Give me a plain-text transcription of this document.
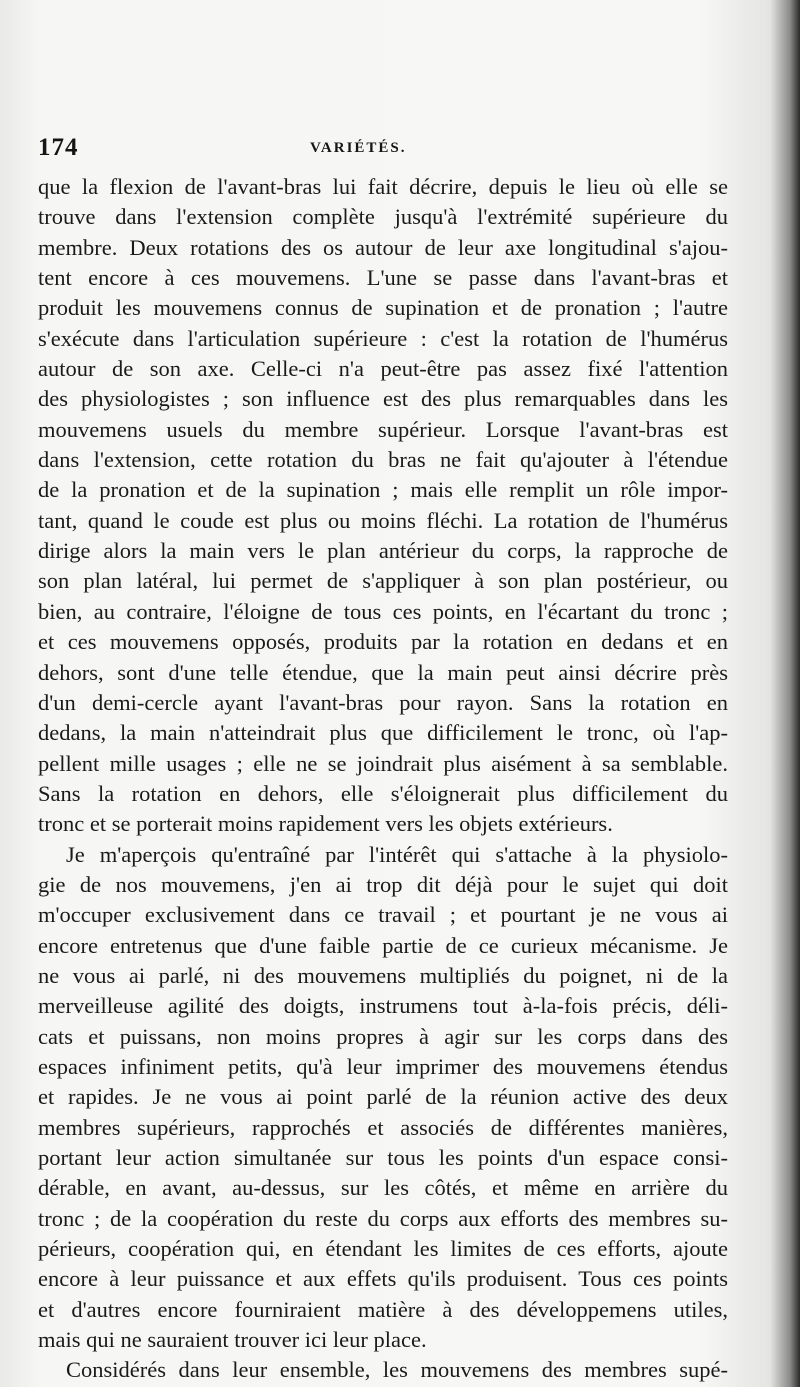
174	VARIÉTÉS.
que la flexion de l'avant-bras lui fait décrire, depuis le lieu où elle se
trouve dans l'extension complète jusqu'à l'extrémité supérieure du
membre. Deux rotations des os autour de leur axe longitudinal s'ajou-
tent encore à ces mouvemens. L'une se passe dans l'avant-bras et
produit les mouvemens connus de supination et de pronation ; l'autre
s'exécute dans l'articulation supérieure : c'est la rotation de l'humérus
autour de son axe. Celle-ci n'a peut-être pas assez fixé l'attention
des physiologistes ; son influence est des plus remarquables dans les
mouvemens usuels du membre supérieur. Lorsque l'avant-bras est
dans l'extension, cette rotation du bras ne fait qu'ajouter à l'étendue
de la pronation et de la supination ; mais elle remplit un rôle impor-
tant, quand le coude est plus ou moins fléchi. La rotation de l'humérus
dirige alors la main vers le plan antérieur du corps, la rapproche de
son plan latéral, lui permet de s'appliquer à son plan postérieur, ou
bien, au contraire, l'éloigne de tous ces points, en l'écartant du tronc ;
et ces mouvemens opposés, produits par la rotation en dedans et en
dehors, sont d'une telle étendue, que la main peut ainsi décrire près
d'un demi-cercle ayant l'avant-bras pour rayon. Sans la rotation en
dedans, la main n'atteindrait plus que difficilement le tronc, où l'ap-
pellent mille usages ; elle ne se joindrait plus aisément à sa semblable.
Sans la rotation en dehors, elle s'éloignerait plus difficilement du
tronc et se porterait moins rapidement vers les objets extérieurs.
Je m'aperçois qu'entraîné par l'intérêt qui s'attache à la physiolo-
gie de nos mouvemens, j'en ai trop dit déjà pour le sujet qui doit
m'occuper exclusivement dans ce travail ; et pourtant je ne vous ai
encore entretenus que d'une faible partie de ce curieux mécanisme. Je
ne vous ai parlé, ni des mouvemens multipliés du poignet, ni de la
merveilleuse agilité des doigts, instrumens tout à-la-fois précis, déli-
cats et puissans, non moins propres à agir sur les corps dans des
espaces infiniment petits, qu'à leur imprimer des mouvemens étendus
et rapides. Je ne vous ai point parlé de la réunion active des deux
membres supérieurs, rapprochés et associés de différentes manières,
portant leur action simultanée sur tous les points d'un espace consi-
dérable, en avant, au-dessus, sur les côtés, et même en arrière du
tronc ; de la coopération du reste du corps aux efforts des membres su-
périeurs, coopération qui, en étendant les limites de ces efforts, ajoute
encore à leur puissance et aux effets qu'ils produisent. Tous ces points
et d'autres encore fourniraient matière à des développemens utiles,
mais qui ne sauraient trouver ici leur place.
Considérés dans leur ensemble, les mouvemens des membres supé-
